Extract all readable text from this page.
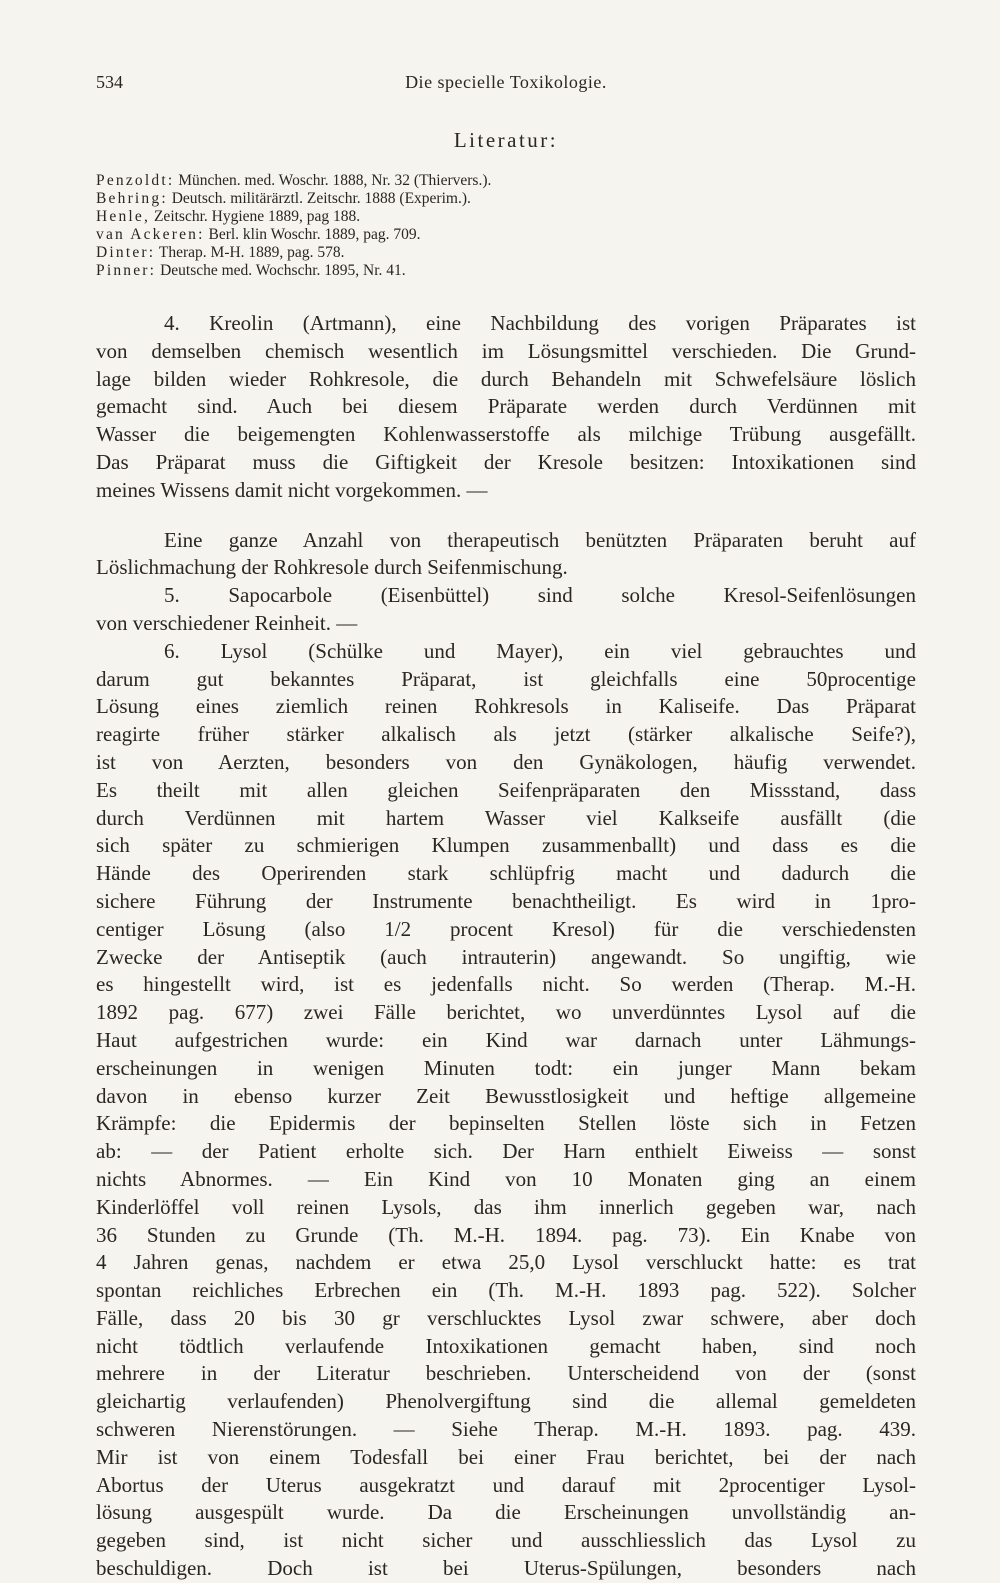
534	Die specielle Toxikologie.
Literatur:
Penzoldt: München. med. Woschr. 1888, Nr. 32 (Thiervers.).
Behring: Deutsch. militärärztl. Zeitschr. 1888 (Experim.).
Henle, Zeitschr. Hygiene 1889, pag 188.
van Ackeren: Berl. klin Woschr. 1889, pag. 709.
Dinter: Therap. M-H. 1889, pag. 578.
Pinner: Deutsche med. Wochschr. 1895, Nr. 41.
4. Kreolin (Artmann), eine Nachbildung des vorigen Präparates ist
von demselben chemisch wesentlich im Lösungsmittel verschieden. Die Grund-
lage bilden wieder Rohkresole, die durch Behandeln mit Schwefelsäure löslich
gemacht sind. Auch bei diesem Präparate werden durch Verdünnen mit
Wasser die beigemengten Kohlenwasserstoffe als milchige Trübung ausgefällt.
Das Präparat muss die Giftigkeit der Kresole besitzen: Intoxikationen sind
meines Wissens damit nicht vorgekommen. —
Eine ganze Anzahl von therapeutisch benützten Präparaten beruht auf
Löslichmachung der Rohkresole durch Seifenmischung.
5. Sapocarbole (Eisenbüttel) sind solche Kresol-Seifenlösungen
von verschiedener Reinheit. —
6. Lysol (Schülke und Mayer), ein viel gebrauchtes und
darum gut bekanntes Präparat, ist gleichfalls eine 50procentige
Lösung eines ziemlich reinen Rohkresols in Kaliseife. Das Präparat
reagirte früher stärker alkalisch als jetzt (stärker alkalische Seife?),
ist von Aerzten, besonders von den Gynäkologen, häufig verwendet.
Es theilt mit allen gleichen Seifenpräparaten den Missstand, dass
durch Verdünnen mit hartem Wasser viel Kalkseife ausfällt (die
sich später zu schmierigen Klumpen zusammenballt) und dass es die
Hände des Operirenden stark schlüpfrig macht und dadurch die
sichere Führung der Instrumente benachtheiligt. Es wird in 1pro-
centiger Lösung (also 1/2 procent Kresol) für die verschiedensten
Zwecke der Antiseptik (auch intrauterin) angewandt. So ungiftig, wie
es hingestellt wird, ist es jedenfalls nicht. So werden (Therap. M.-H.
1892 pag. 677) zwei Fälle berichtet, wo unverdünntes Lysol auf die
Haut aufgestrichen wurde: ein Kind war darnach unter Lähmungs-
erscheinungen in wenigen Minuten todt: ein junger Mann bekam
davon in ebenso kurzer Zeit Bewusstlosigkeit und heftige allgemeine
Krämpfe: die Epidermis der bepinselten Stellen löste sich in Fetzen
ab: — der Patient erholte sich. Der Harn enthielt Eiweiss — sonst
nichts Abnormes. — Ein Kind von 10 Monaten ging an einem
Kinderlöffel voll reinen Lysols, das ihm innerlich gegeben war, nach
36 Stunden zu Grunde (Th. M.-H. 1894. pag. 73). Ein Knabe von
4 Jahren genas, nachdem er etwa 25,0 Lysol verschluckt hatte: es trat
spontan reichliches Erbrechen ein (Th. M.-H. 1893 pag. 522). Solcher
Fälle, dass 20 bis 30 gr verschlucktes Lysol zwar schwere, aber doch
nicht tödtlich verlaufende Intoxikationen gemacht haben, sind noch
mehrere in der Literatur beschrieben. Unterscheidend von der (sonst
gleichartig verlaufenden) Phenolvergiftung sind die allemal gemeldeten
schweren Nierenstörungen. — Siehe Therap. M.-H. 1893. pag. 439.
Mir ist von einem Todesfall bei einer Frau berichtet, bei der nach
Abortus der Uterus ausgekratzt und darauf mit 2procentiger Lysol-
lösung ausgespült wurde. Da die Erscheinungen unvollständig an-
gegeben sind, ist nicht sicher und ausschliesslich das Lysol zu
beschuldigen. Doch ist bei Uterus-Spülungen, besonders nach
